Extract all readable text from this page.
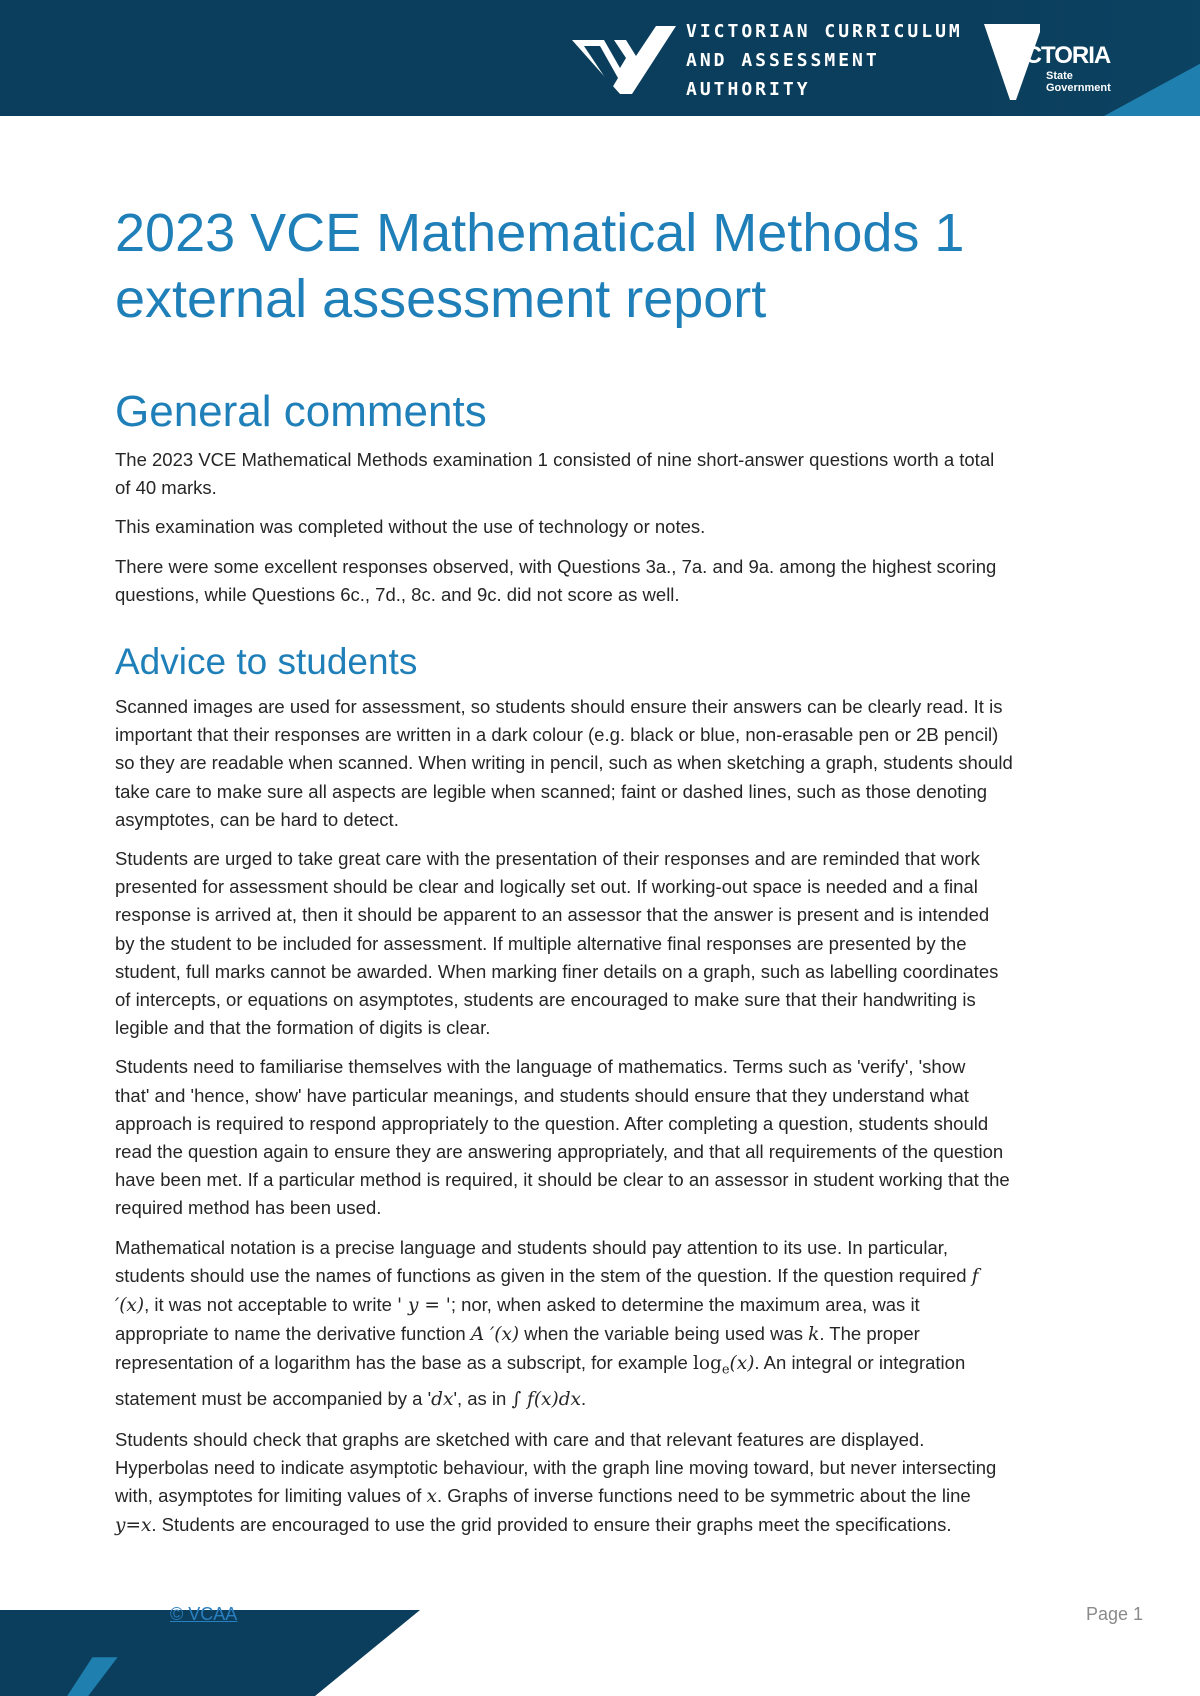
VICTORIAN CURRICULUM
AND ASSESSMENT AUTHORITY
VICTORIA
State
Government
2023 VCE Mathematical Methods 1
external assessment report
General comments

The 2023 VCE Mathematical Methods examination 1 consisted of nine short-answer questions worth a total
of 40 marks.

This examination was completed without the use of technology or notes.

There were some excellent responses observed, with Questions 3a., 7a. and 9a. among the highest scoring
questions, while Questions 6c., 7d., 8c. and 9c. did not score as well.

Advice to students

Scanned images are used for assessment, so students should ensure their answers can be clearly read. It is
important that their responses are written in a dark colour (e.g. black or blue, non-erasable pen or 2B pencil)
so they are readable when scanned. When writing in pencil, such as when sketching a graph, students should
take care to make sure all aspects are legible when scanned; faint or dashed lines, such as those denoting
asymptotes, can be hard to detect.

Students are urged to take great care with the presentation of their responses and are reminded that work
presented for assessment should be clear and logically set out. If working-out space is needed and a final
response is arrived at, then it should be apparent to an assessor that the answer is present and is intended
by the student to be included for assessment. If multiple alternative final responses are presented by the
student, full marks cannot be awarded. When marking finer details on a graph, such as labelling coordinates
of intercepts, or equations on asymptotes, students are encouraged to make sure that their handwriting is
legible and that the formation of digits is clear.

Students need to familiarise themselves with the language of mathematics. Terms such as 'verify', 'show
that' and 'hence, show' have particular meanings, and students should ensure that they understand what
approach is required to respond appropriately to the question. After completing a question, students should
read the question again to ensure they are answering appropriately, and that all requirements of the question
have been met. If a particular method is required, it should be clear to an assessor in student working that the
required method has been used.

Mathematical notation is a precise language and students should pay attention to its use. In particular,
students should use the names of functions as given in the stem of the question. If the question required f
′(x), it was not acceptable to write ' y = '; nor, when asked to determine the maximum area, was it
appropriate to name the derivative function A ′(x) when the variable being used was k. The proper
representation of a logarithm has the base as a subscript, for example $\log_e(x)$. An integral or integration
statement must be accompanied by a 'dx', as in ∫ f(x)dx.

Students should check that graphs are sketched with care and that relevant features are displayed.
Hyperbolas need to indicate asymptotic behaviour, with the graph line moving toward, but never intersecting
with, asymptotes for limiting values of x. Graphs of inverse functions need to be symmetric about the line
y=x. Students are encouraged to use the grid provided to ensure their graphs meet the specifications.

© VCAA	Page 1
